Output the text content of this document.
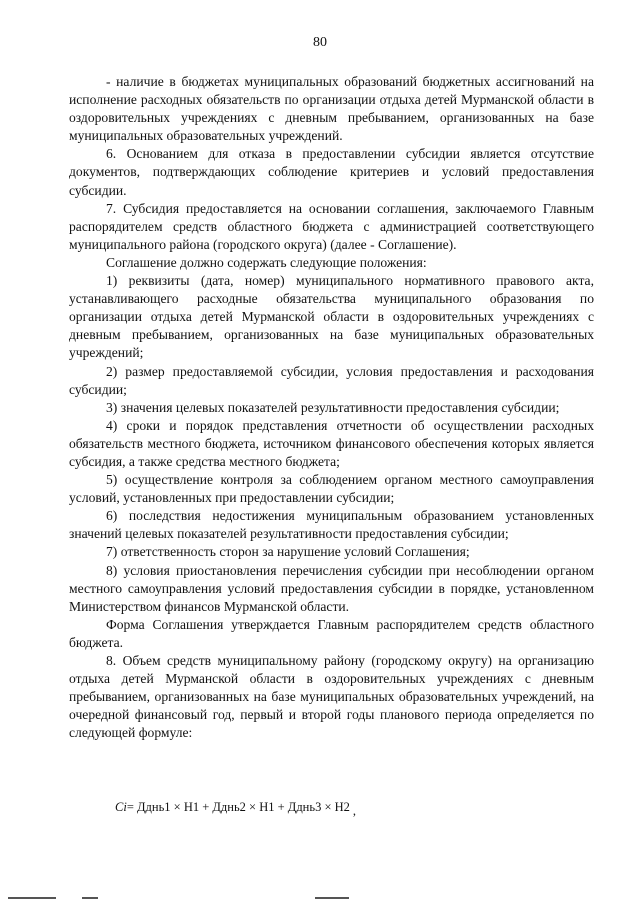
80

- наличие в бюджетах муниципальных образований бюджетных ассигнований на исполнение расходных обязательств по организации отдыха детей Мурманской области в оздоровительных учреждениях с дневным пребыванием, организованных на базе муниципальных образовательных учреждений.

6. Основанием для отказа в предоставлении субсидии является отсутствие документов, подтверждающих соблюдение критериев и условий предоставления субсидии.

7. Субсидия предоставляется на основании соглашения, заключаемого Главным распорядителем средств областного бюджета с администрацией соответствующего муниципального района (городского округа) (далее - Соглашение).

Соглашение должно содержать следующие положения:

1) реквизиты (дата, номер) муниципального нормативного правового акта, устанавливающего расходные обязательства муниципального образования по организации отдыха детей Мурманской области в оздоровительных учреждениях с дневным пребыванием, организованных на базе муниципальных образовательных учреждений;

2) размер предоставляемой субсидии, условия предоставления и расходования субсидии;

3) значения целевых показателей результативности предоставления субсидии;

4) сроки и порядок представления отчетности об осуществлении расходных обязательств местного бюджета, источником финансового обеспечения которых является субсидия, а также средства местного бюджета;

5) осуществление контроля за соблюдением органом местного самоуправления условий, установленных при предоставлении субсидии;

6) последствия недостижения муниципальным образованием установленных значений целевых показателей результативности предоставления субсидии;

7) ответственность сторон за нарушение условий Соглашения;

8) условия приостановления перечисления субсидии при несоблюдении органом местного самоуправления условий предоставления субсидии в порядке, установленном Министерством финансов Мурманской области.

Форма Соглашения утверждается Главным распорядителем средств областного бюджета.

8. Объем средств муниципальному району (городскому округу) на организацию отдыха детей Мурманской области в оздоровительных учреждениях с дневным пребыванием, организованных на базе муниципальных образовательных учреждений, на очередной финансовый год, первый и второй годы планового периода определяется по следующей формуле:

Ci= Дднь1 × Н1 + Дднь2 × Н1 + Дднь3 × Н2 ,
